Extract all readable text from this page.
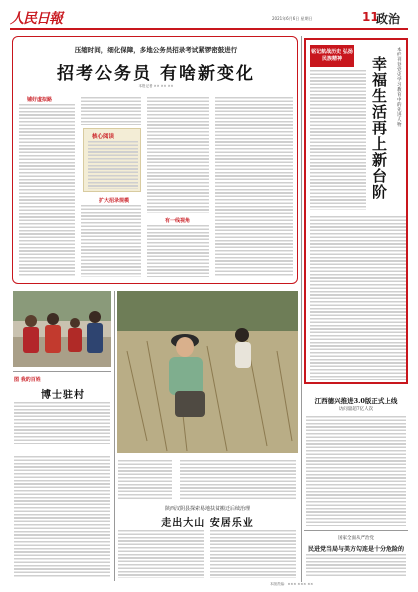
人民日報	2021年6月6日 星期日	11
政治
压缩时间，细化保障，多地公务员招录考试紧锣密鼓进行
招考公务员 有啥新变化
本报记者 ×× ×× ××
铺好虚拟路
核心阅读
扩大招录规模
有一线视角
铭记航战历史 弘扬民族精神
本栏刊登党史学习教育中的先进人物
幸福生活再上新台阶
图 我的百姓
博士驻村	江西德兴推进3.0版正式上线
访问量超7亿人次
陕西汉阴县探索易地扶贫搬迁后续治理
走出大山 安居乐业
国家全面从严治党
民进党当局与美方勾连是十分危险的
本版责编：××× ××× ××
